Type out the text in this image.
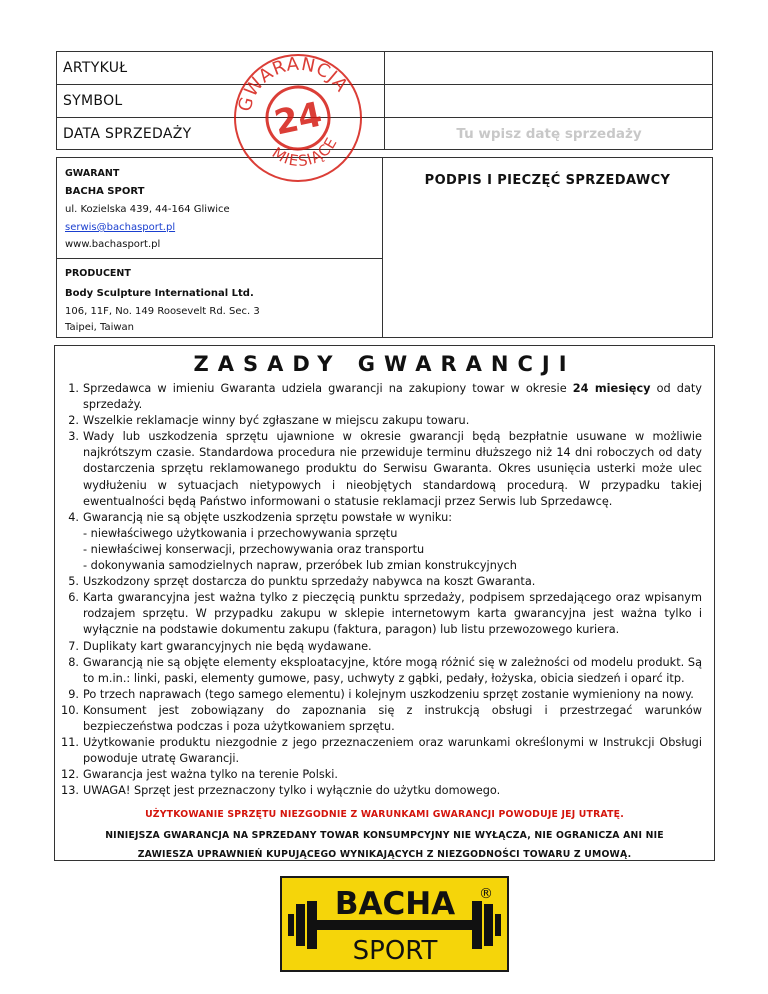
ARTYKUŁ
SYMBOL
DATA SPRZEDAŻY	Tu wpisz datę sprzedaży
GWARANT
BACHA SPORT
ul. Kozielska 439, 44-164 Gliwice
serwis@bachasport.pl
www.bachasport.pl
PRODUCENT
Body Sculpture International Ltd.
106, 11F, No. 149 Roosevelt Rd. Sec. 3
Taipei, Taiwan
PODPIS I PIECZĘĆ SPRZEDAWCY
GWARANCJA
MIESIĄCE
24
ZASADY GWARANCJI
1. Sprzedawca w imieniu Gwaranta udziela gwarancji na zakupiony towar w okresie 24 miesięcy od daty sprzedaży.
2. Wszelkie reklamacje winny być zgłaszane w miejscu zakupu towaru.
3. Wady lub uszkodzenia sprzętu ujawnione w okresie gwarancji będą bezpłatnie usuwane w możliwie najkrótszym czasie. Standardowa procedura nie przewiduje terminu dłuższego niż 14 dni roboczych od daty dostarczenia sprzętu reklamowanego produktu do Serwisu Gwaranta. Okres usunięcia usterki może ulec wydłużeniu w sytuacjach nietypowych i nieobjętych standardową procedurą. W przypadku takiej ewentualności będą Państwo informowani o statusie reklamacji przez Serwis lub Sprzedawcę.
4. Gwarancją nie są objęte uszkodzenia sprzętu powstałe w wyniku:
- niewłaściwego użytkowania i przechowywania sprzętu
- niewłaściwej konserwacji, przechowywania oraz transportu
- dokonywania samodzielnych napraw, przeróbek lub zmian konstrukcyjnych
5. Uszkodzony sprzęt dostarcza do punktu sprzedaży nabywca na koszt Gwaranta.
6. Karta gwarancyjna jest ważna tylko z pieczęcią punktu sprzedaży, podpisem sprzedającego oraz wpisanym rodzajem sprzętu. W przypadku zakupu w sklepie internetowym karta gwarancyjna jest ważna tylko i wyłącznie na podstawie dokumentu zakupu (faktura, paragon) lub listu przewozowego kuriera.
7. Duplikaty kart gwarancyjnych nie będą wydawane.
8. Gwarancją nie są objęte elementy eksploatacyjne, które mogą różnić się w zależności od modelu produkt. Są to m.in.: linki, paski, elementy gumowe, pasy, uchwyty z gąbki, pedały, łożyska, obicia siedzeń i oparć itp.
9. Po trzech naprawach (tego samego elementu) i kolejnym uszkodzeniu sprzęt zostanie wymieniony na nowy.
10. Konsument jest zobowiązany do zapoznania się z instrukcją obsługi i przestrzegać warunków bezpieczeństwa podczas i poza użytkowaniem sprzętu.
11. Użytkowanie produktu niezgodnie z jego przeznaczeniem oraz warunkami określonymi w Instrukcji Obsługi powoduje utratę Gwarancji.
12. Gwarancja jest ważna tylko na terenie Polski.
13. UWAGA! Sprzęt jest przeznaczony tylko i wyłącznie do użytku domowego.
UŻYTKOWANIE SPRZĘTU NIEZGODNIE Z WARUNKAMI GWARANCJI POWODUJE JEJ UTRATĘ.
NINIEJSZA GWARANCJA NA SPRZEDANY TOWAR KONSUMPCYJNY NIE WYŁĄCZA, NIE OGRANICZA ANI NIE
ZAWIESZA UPRAWNIEŃ KUPUJĄCEGO WYNIKAJĄCYCH Z NIEZGODNOŚCI TOWARU Z UMOWĄ.
BACHA
SPORT
®
